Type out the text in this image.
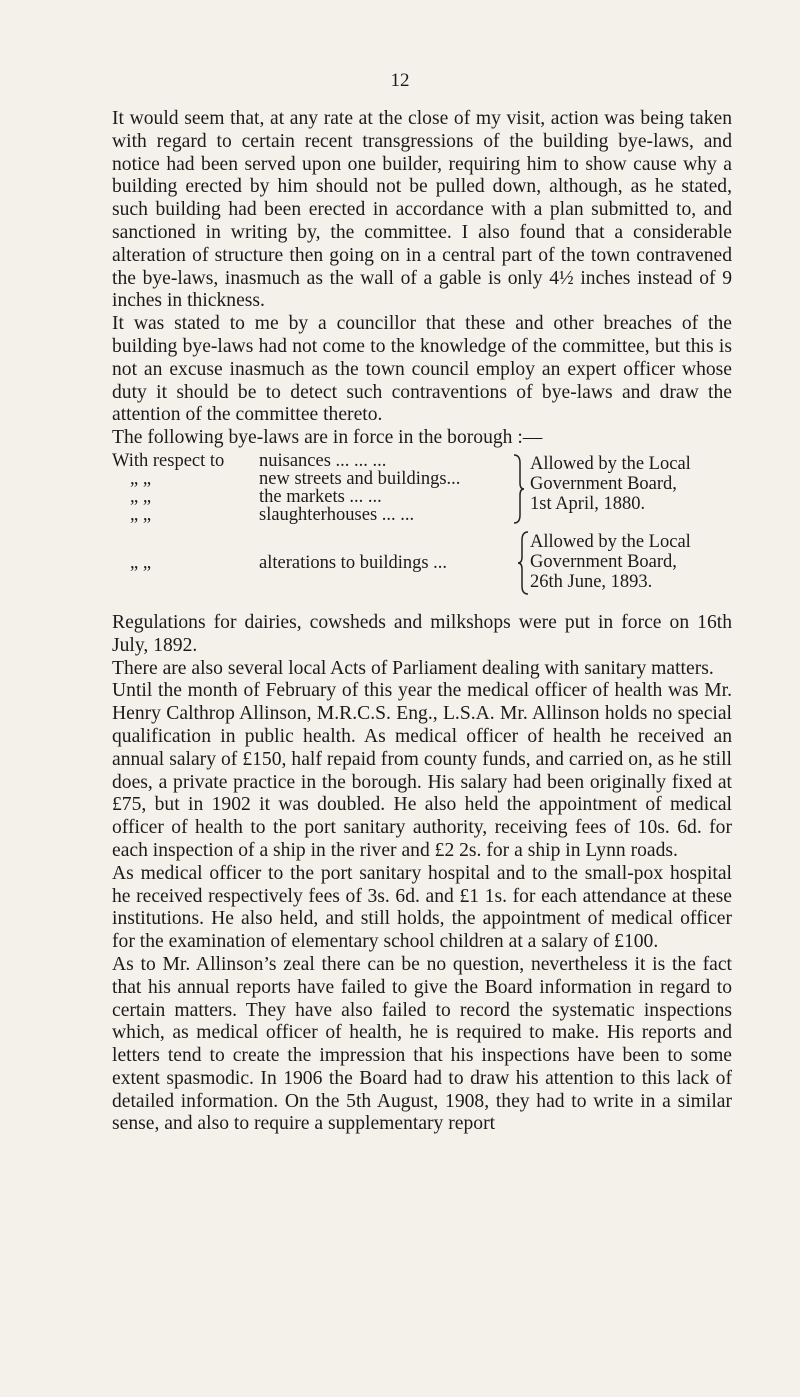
12

It would seem that, at any rate at the close of my visit, action was being taken with regard to certain recent transgressions of the building bye-laws, and notice had been served upon one builder, requiring him to show cause why a building erected by him should not be pulled down, although, as he stated, such building had been erected in accordance with a plan submitted to, and sanctioned in writing by, the committee. I also found that a considerable alteration of structure then going on in a central part of the town contravened the bye-laws, inasmuch as the wall of a gable is only 4½ inches instead of 9 inches in thickness.

It was stated to me by a councillor that these and other breaches of the building bye-laws had not come to the knowledge of the committee, but this is not an excuse inasmuch as the town council employ an expert officer whose duty it should be to detect such contraventions of bye-laws and draw the attention of the committee thereto.

The following bye-laws are in force in the borough :—

With respect to nuisances ... ... ...
„ „	new streets and buildings...
„ „	the markets ... ...
„ „	slaughterhouses ... ...
Allowed by the Local
Government Board,
1st April, 1880.
„ „	alterations to buildings ...
Allowed by the Local
Government Board,
26th June, 1893.

Regulations for dairies, cowsheds and milkshops were put in force on 16th July, 1892.

There are also several local Acts of Parliament dealing with sanitary matters.

Until the month of February of this year the medical officer of health was Mr. Henry Calthrop Allinson, M.R.C.S. Eng., L.S.A. Mr. Allinson holds no special qualification in public health. As medical officer of health he received an annual salary of £150, half repaid from county funds, and carried on, as he still does, a private practice in the borough. His salary had been originally fixed at £75, but in 1902 it was doubled. He also held the appointment of medical officer of health to the port sanitary authority, receiving fees of 10s. 6d. for each inspection of a ship in the river and £2 2s. for a ship in Lynn roads.

As medical officer to the port sanitary hospital and to the small-pox hospital he received respectively fees of 3s. 6d. and £1 1s. for each attendance at these institutions. He also held, and still holds, the appointment of medical officer for the examination of elementary school children at a salary of £100.

As to Mr. Allinson’s zeal there can be no question, nevertheless it is the fact that his annual reports have failed to give the Board information in regard to certain matters. They have also failed to record the systematic inspections which, as medical officer of health, he is required to make. His reports and letters tend to create the impression that his inspections have been to some extent spasmodic. In 1906 the Board had to draw his attention to this lack of detailed information. On the 5th August, 1908, they had to write in a similar sense, and also to require a supplementary report
